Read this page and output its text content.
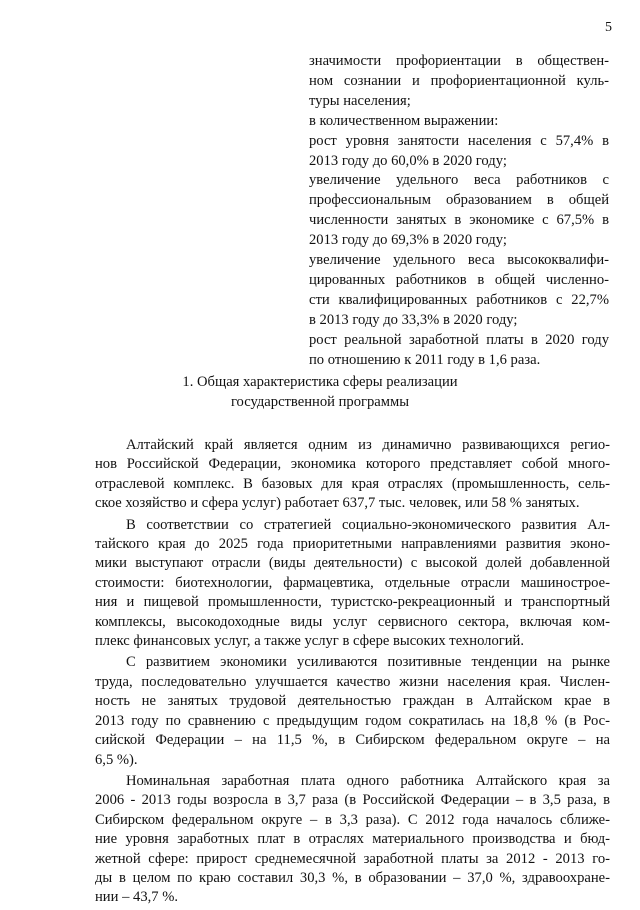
5
значимости профориентации в обществен-
ном сознании и профориентационной куль-
туры населения;
в количественном выражении:
рост уровня занятости населения с 57,4% в
2013 году до 60,0% в 2020 году;
увеличение удельного веса работников с
профессиональным образованием в общей
численности занятых в экономике с 67,5% в
2013 году до 69,3% в 2020 году;
увеличение удельного веса высококвалифи-
цированных работников в общей численно-
сти квалифицированных работников с 22,7%
в 2013 году до 33,3% в 2020 году;
рост реальной заработной платы в 2020 году
по отношению к 2011 году в 1,6 раза.
1. Общая характеристика сферы реализации
государственной программы
Алтайский край является одним из динамично развивающихся регио-
нов Российской Федерации, экономика которого представляет собой много-
отраслевой комплекс. В базовых для края отраслях (промышленность, сель-
ское хозяйство и сфера услуг) работает 637,7 тыс. человек, или 58 % занятых.
В соответствии со стратегией социально-экономического развития Ал-
тайского края до 2025 года приоритетными направлениями развития эконо-
мики выступают отрасли (виды деятельности) с высокой долей добавленной
стоимости: биотехнологии, фармацевтика, отдельные отрасли машинострое-
ния и пищевой промышленности, туристско-рекреационный и транспортный
комплексы, высокодоходные виды услуг сервисного сектора, включая ком-
плекс финансовых услуг, а также услуг в сфере высоких технологий.
С развитием экономики усиливаются позитивные тенденции на рынке
труда, последовательно улучшается качество жизни населения края. Числен-
ность не занятых трудовой деятельностью граждан в Алтайском крае в
2013 году по сравнению с предыдущим годом сократилась на 18,8 % (в Рос-
сийской Федерации – на 11,5 %, в Сибирском федеральном округе – на
6,5 %).
Номинальная заработная плата одного работника Алтайского края за
2006 - 2013 годы возросла в 3,7 раза (в Российской Федерации – в 3,5 раза, в
Сибирском федеральном округе – в 3,3 раза). С 2012 года началось сближе-
ние уровня заработных плат в отраслях материального производства и бюд-
жетной сфере: прирост среднемесячной заработной платы за 2012 - 2013 го-
ды в целом по краю составил 30,3 %, в образовании – 37,0 %, здравоохране-
нии – 43,7 %.
